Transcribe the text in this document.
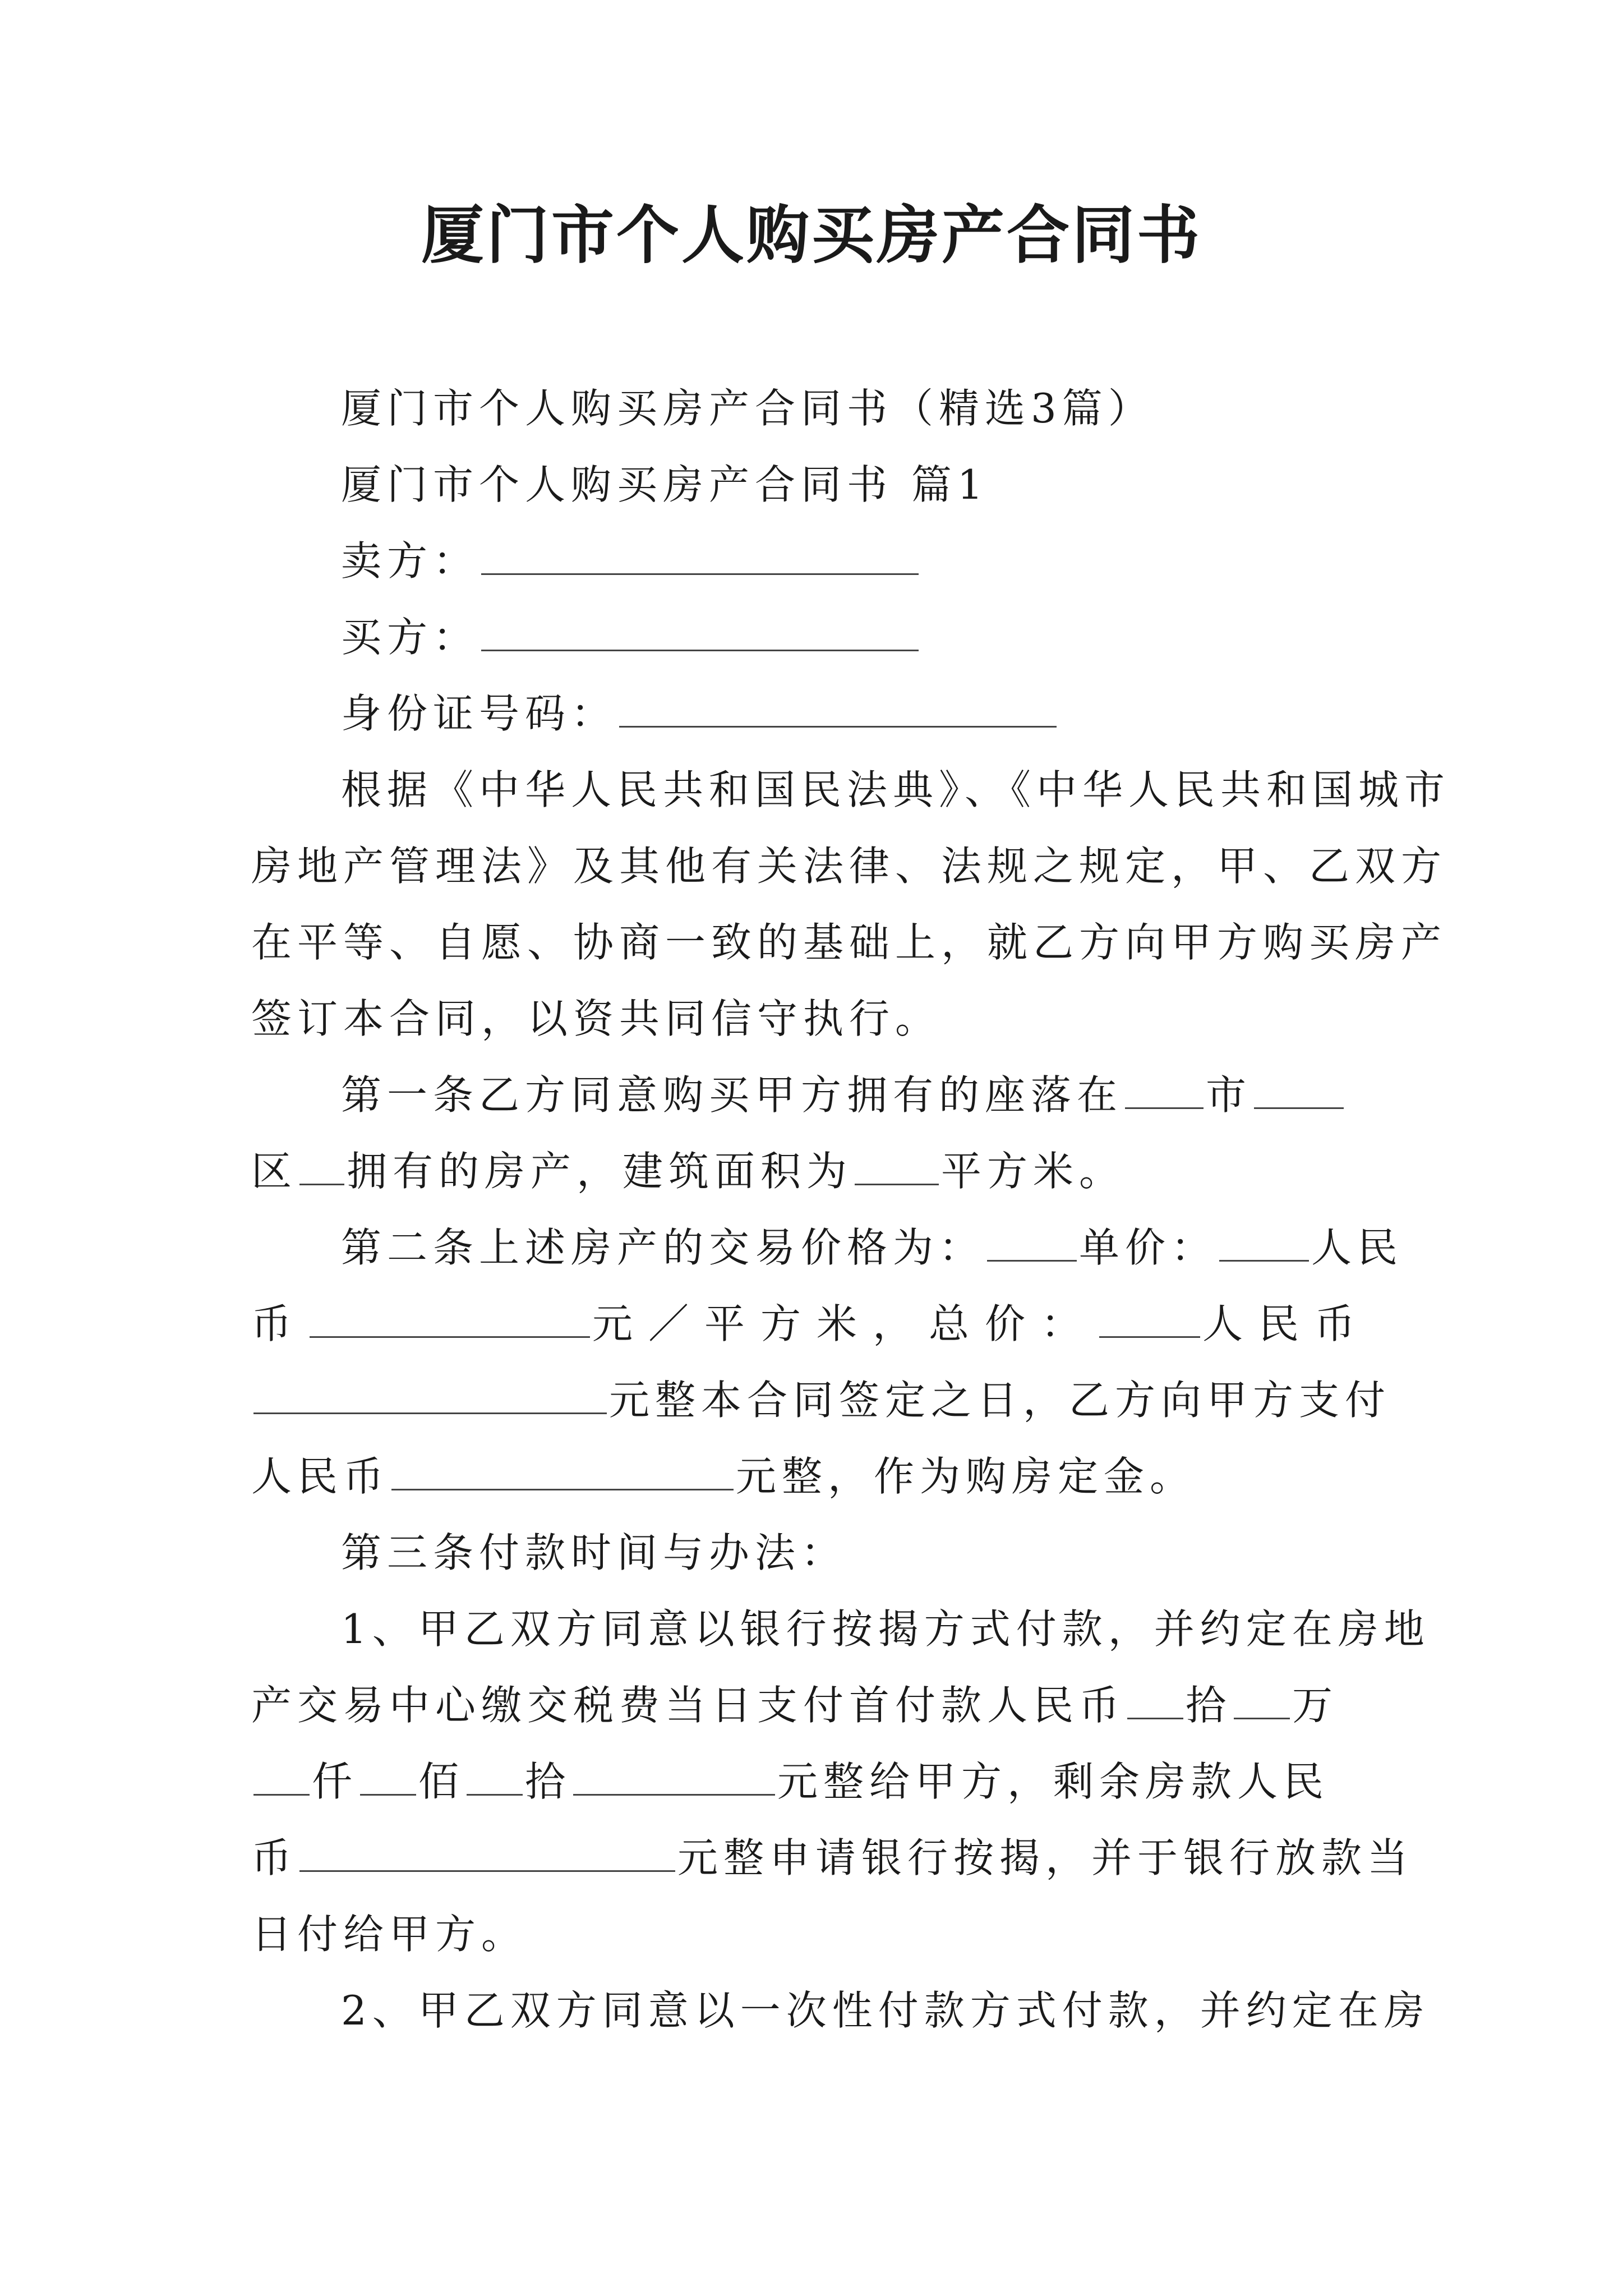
厦门市个人购买房产合同书

厦门市个人购买房产合同书（精选3篇）

厦门市个人购买房产合同书 篇1

卖方：

买方：

身份证号码：

根据《中华人民共和国民法典》、《中华人民共和国城市

房地产管理法》及其他有关法律、法规之规定，甲、乙双方

在平等、自愿、协商一致的基础上，就乙方向甲方购买房产

签订本合同，以资共同信守执行。

第一条乙方同意购买甲方拥有的座落在 市

区 拥有的房产，建筑面积为 平方米。

第二条上述房产的交易价格为： 单价： 人民

币	元／平方米，总价：	人民币

元整本合同签定之日，乙方向甲方支付

人民币	元整，作为购房定金。

第三条付款时间与办法：

1、甲乙双方同意以银行按揭方式付款，并约定在房地

产交易中心缴交税费当日支付首付款人民币 拾 万

仟 佰 拾	元整给甲方，剩余房款人民

币	元整申请银行按揭，并于银行放款当

日付给甲方。

2、甲乙双方同意以一次性付款方式付款，并约定在房
